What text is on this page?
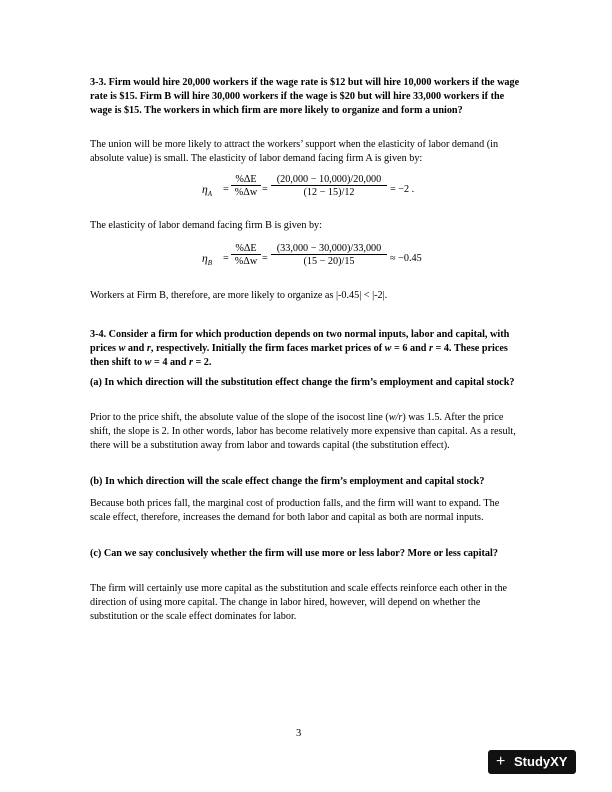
3-3. Firm would hire 20,000 workers if the wage rate is $12 but will hire 10,000 workers if the wage rate is $15. Firm B will hire 30,000 workers if the wage is $20 but will hire 33,000 workers if the wage is $15. The workers in which firm are more likely to organize and form a union?

The union will be more likely to attract the workers’ support when the elasticity of labor demand (in absolute value) is small. The elasticity of labor demand facing firm A is given by:

$\eta_A = \frac{\%\Delta E}{\%\Delta w} = \frac{(20,000 - 10,000)/20,000}{(12 - 15)/12} = -2$ .

The elasticity of labor demand facing firm B is given by:

$\eta_B = \frac{\%\Delta E}{\%\Delta w} = \frac{(33,000 - 30,000)/33,000}{(15 - 20)/15} \approx -0.45$

Workers at Firm B, therefore, are more likely to organize as |-0.45| < |-2|.

3-4. Consider a firm for which production depends on two normal inputs, labor and capital, with prices w and r, respectively. Initially the firm faces market prices of w = 6 and r = 4. These prices then shift to w = 4 and r = 2.

(a) In which direction will the substitution effect change the firm’s employment and capital stock?

Prior to the price shift, the absolute value of the slope of the isocost line (w/r) was 1.5. After the price shift, the slope is 2. In other words, labor has become relatively more expensive than capital. As a result, there will be a substitution away from labor and towards capital (the substitution effect).

(b) In which direction will the scale effect change the firm’s employment and capital stock?

Because both prices fall, the marginal cost of production falls, and the firm will want to expand. The scale effect, therefore, increases the demand for both labor and capital as both are normal inputs.

(c) Can we say conclusively whether the firm will use more or less labor? More or less capital?

The firm will certainly use more capital as the substitution and scale effects reinforce each other in the direction of using more capital. The change in labor hired, however, will depend on whether the substitution or the scale effect dominates for labor.

3
+ StudyXY
